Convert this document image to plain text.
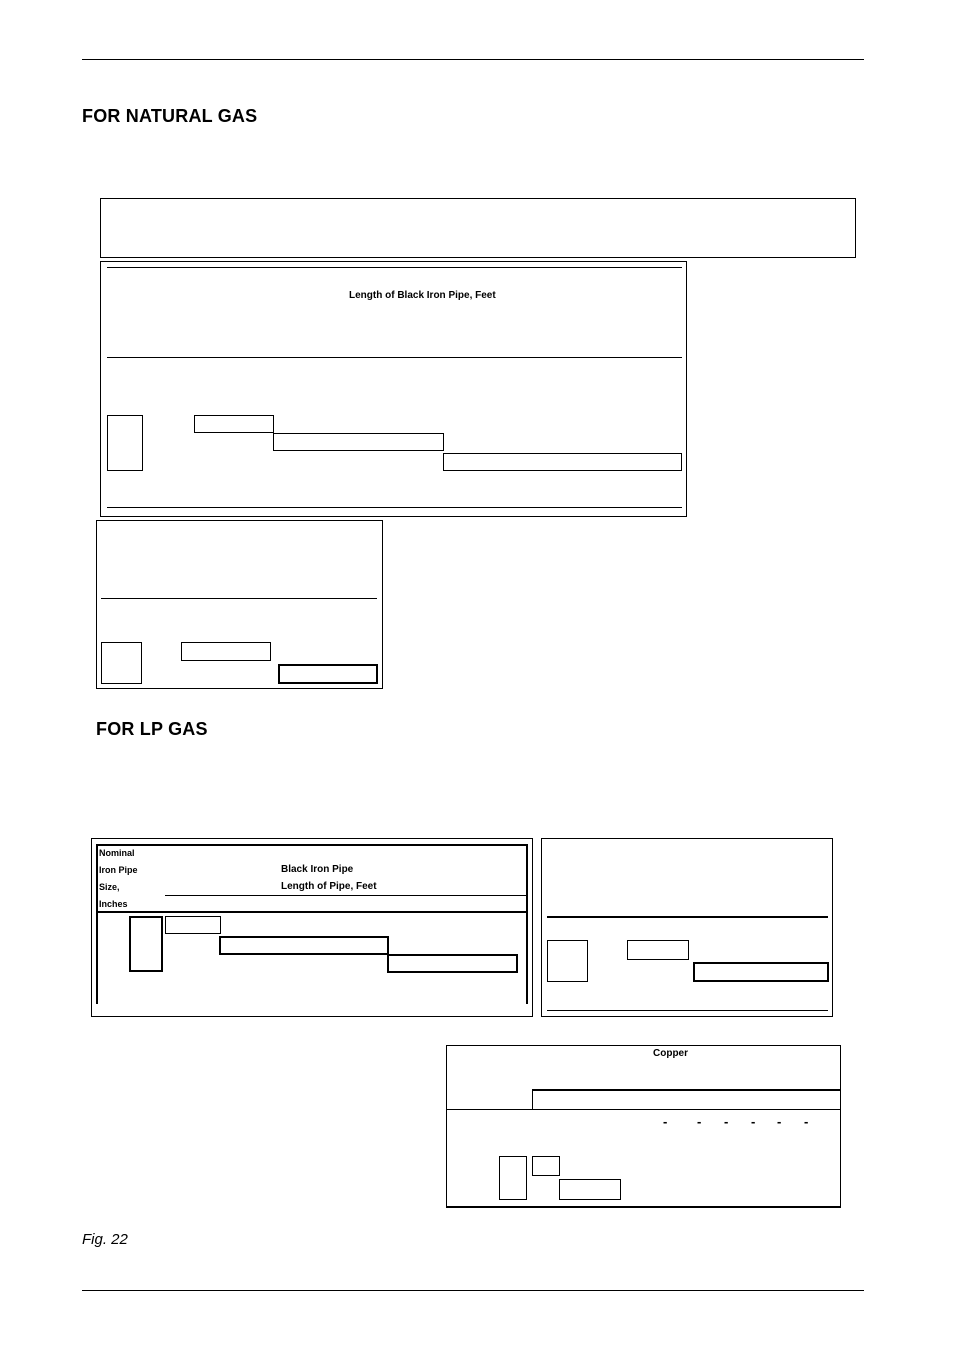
FOR NATURAL GAS
Length of Black Iron Pipe, Feet
FOR LP GAS
Nominal
Iron Pipe
Size,
Inches
Black Iron Pipe
Length of Pipe, Feet
Copper
- - - - - -
Fig. 22
